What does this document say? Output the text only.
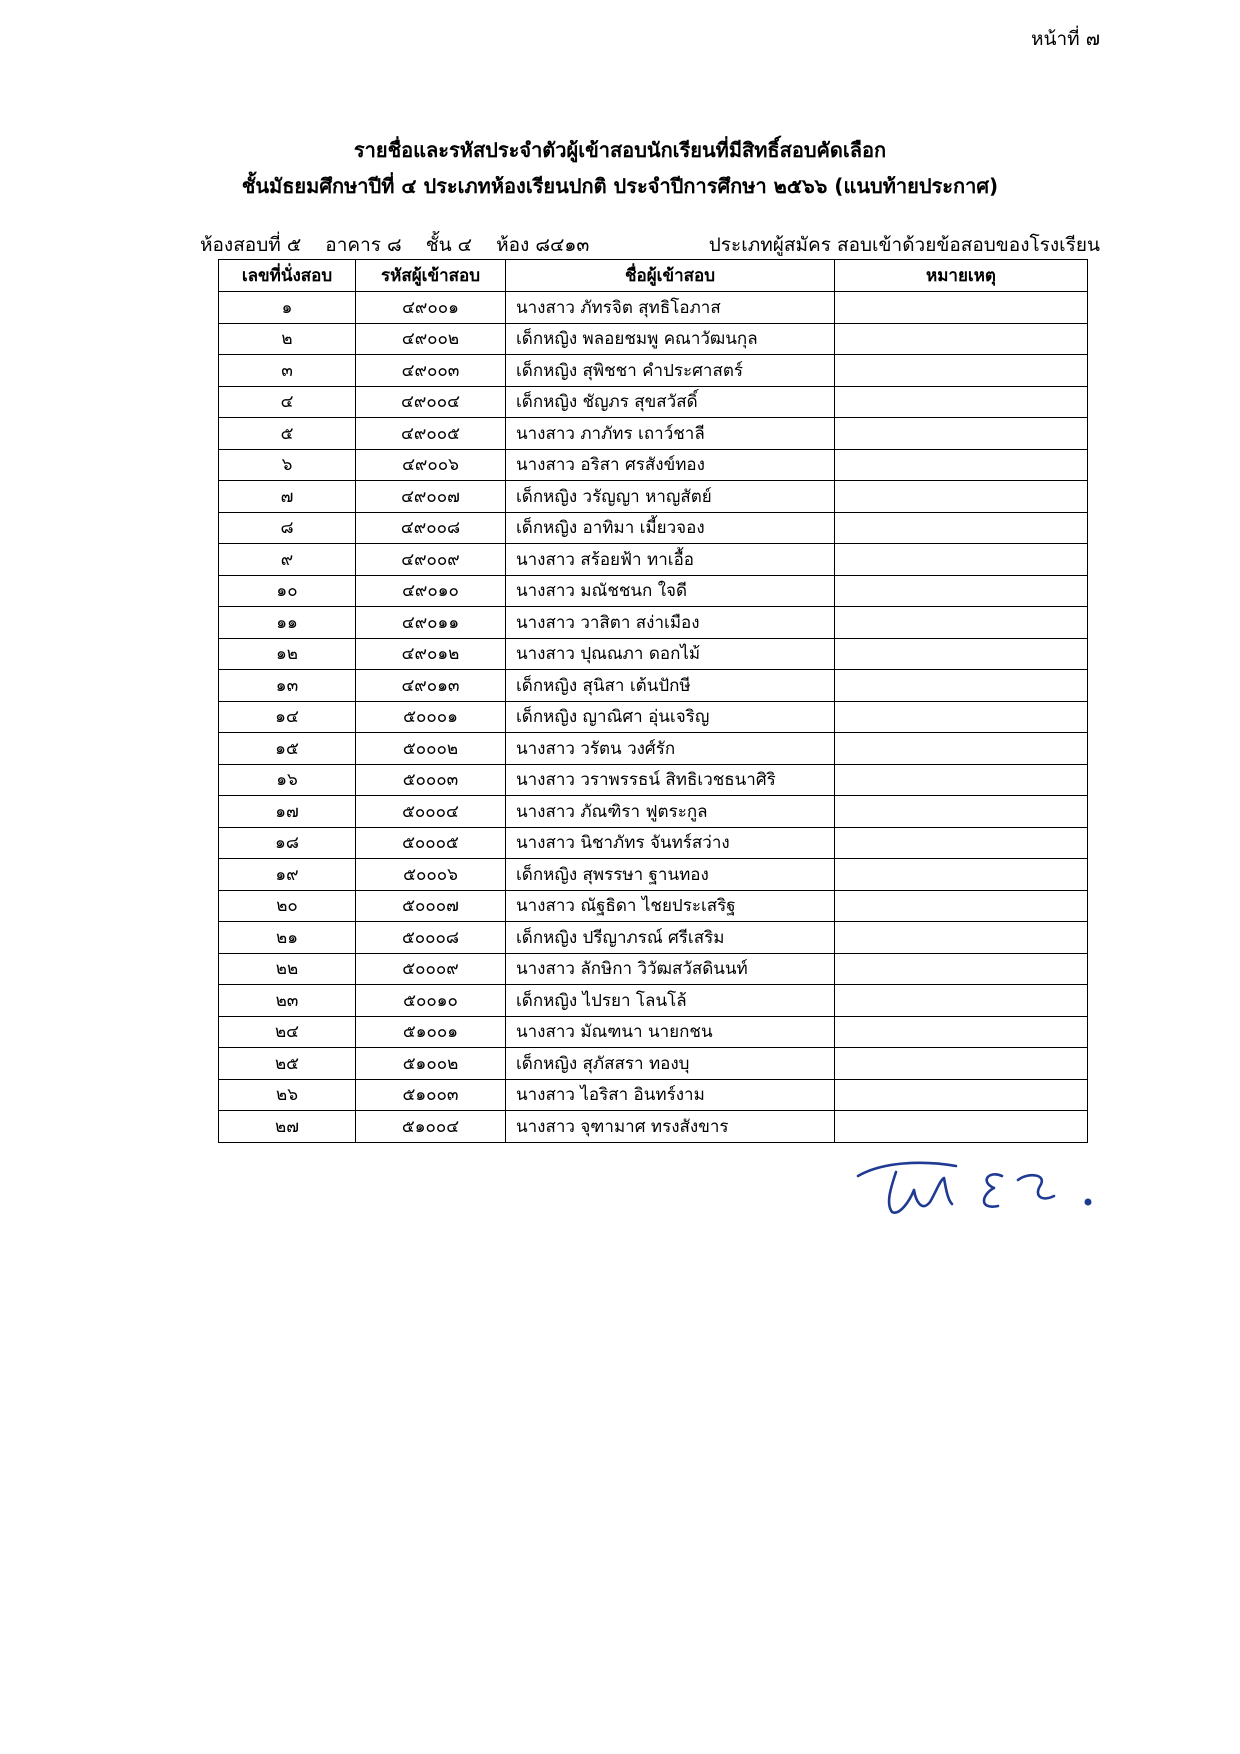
หน้าที่ ๗
รายชื่อและรหัสประจำตัวผู้เข้าสอบนักเรียนที่มีสิทธิ์สอบคัดเลือก
ชั้นมัธยมศึกษาปีที่ ๔ ประเภทห้องเรียนปกติ ประจำปีการศึกษา ๒๕๖๖ (แนบท้ายประกาศ)
ห้องสอบที่ ๕ อาคาร ๘ ชั้น ๔ ห้อง ๘๔๑๓	ประเภทผู้สมัคร สอบเข้าด้วยข้อสอบของโรงเรียน
เลขที่นั่งสอบ	รหัสผู้เข้าสอบ	ชื่อผู้เข้าสอบ	หมายเหตุ
๑	๔๙๐๐๑	นางสาว ภัทรจิต สุทธิโอภาส	
๒	๔๙๐๐๒	เด็กหญิง พลอยชมพู คณาวัฒนกุล	
๓	๔๙๐๐๓	เด็กหญิง สุพิชชา คำประศาสตร์	
๔	๔๙๐๐๔	เด็กหญิง ชัญภร สุขสวัสดิ์	
๕	๔๙๐๐๕	นางสาว ภาภัทร เถาว์ชาลี	
๖	๔๙๐๐๖	นางสาว อริสา ศรสังข์ทอง	
๗	๔๙๐๐๗	เด็กหญิง วรัญญา หาญสัตย์	
๘	๔๙๐๐๘	เด็กหญิง อาทิมา เมี้ยวจอง	
๙	๔๙๐๐๙	นางสาว สร้อยฟ้า ทาเอื้อ	
๑๐	๔๙๐๑๐	นางสาว มณัชชนก ใจดี	
๑๑	๔๙๐๑๑	นางสาว วาสิตา สง่าเมือง	
๑๒	๔๙๐๑๒	นางสาว ปุณณภา ดอกไม้	
๑๓	๔๙๐๑๓	เด็กหญิง สุนิสา เต้นปักษี	
๑๔	๕๐๐๐๑	เด็กหญิง ญาณิศา อุ่นเจริญ	
๑๕	๕๐๐๐๒	นางสาว วรัตน วงศ์รัก	
๑๖	๕๐๐๐๓	นางสาว วราพรรธน์ สิทธิเวชธนาศิริ	
๑๗	๕๐๐๐๔	นางสาว ภัณฑิรา ฟูตระกูล	
๑๘	๕๐๐๐๕	นางสาว นิชาภัทร จันทร์สว่าง	
๑๙	๕๐๐๐๖	เด็กหญิง สุพรรษา ฐานทอง	
๒๐	๕๐๐๐๗	นางสาว ณัฐธิดา ไชยประเสริฐ	
๒๑	๕๐๐๐๘	เด็กหญิง ปรีญาภรณ์ ศรีเสริม	
๒๒	๕๐๐๐๙	นางสาว ลักษิกา วิวัฒสวัสดินนท์	
๒๓	๕๐๐๑๐	เด็กหญิง ไปรยา โลนโล้	
๒๔	๕๑๐๐๑	นางสาว มัณฑนา นายกชน	
๒๕	๕๑๐๐๒	เด็กหญิง สุภัสสรา ทองบุ	
๒๖	๕๑๐๐๓	นางสาว ไอริสา อินทร์งาม	
๒๗	๕๑๐๐๔	นางสาว จุฑามาศ ทรงสังขาร	
